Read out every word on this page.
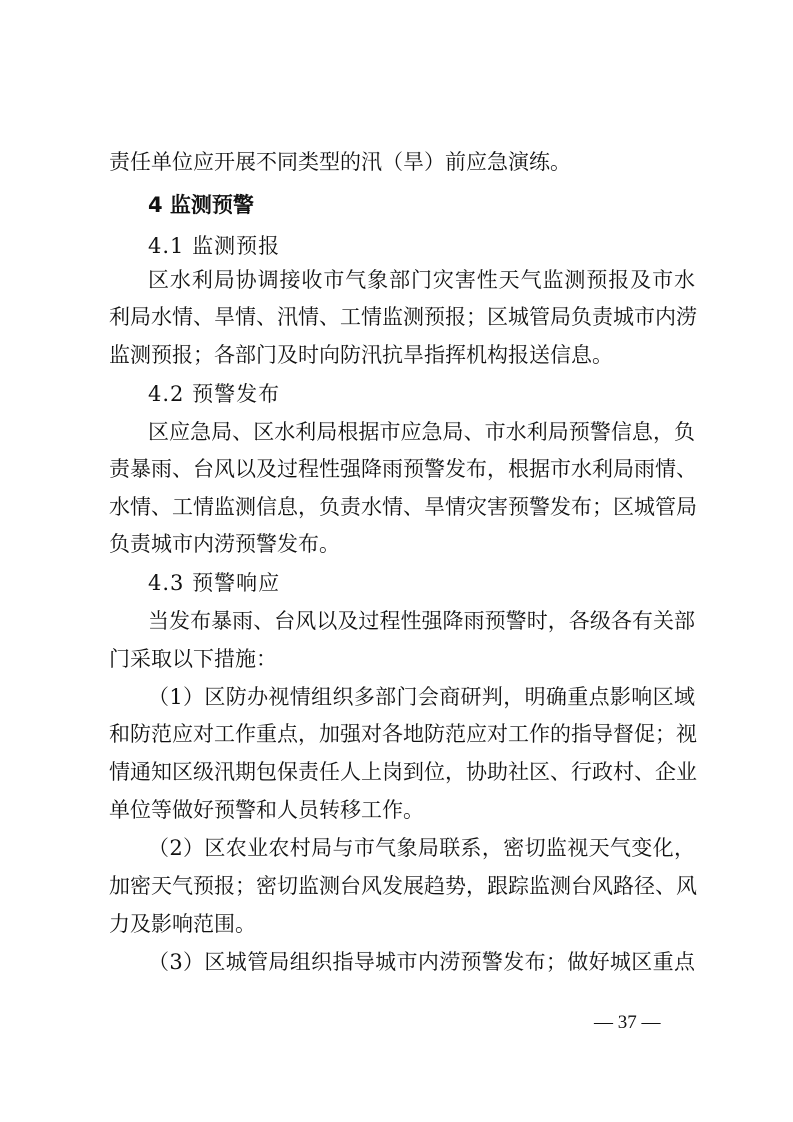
责任单位应开展不同类型的汛（旱）前应急演练。
4 监测预警
4.1 监测预报
区水利局协调接收市气象部门灾害性天气监测预报及市水
利局水情、旱情、汛情、工情监测预报；区城管局负责城市内涝
监测预报；各部门及时向防汛抗旱指挥机构报送信息。
4.2 预警发布
区应急局、区水利局根据市应急局、市水利局预警信息，负
责暴雨、台风以及过程性强降雨预警发布，根据市水利局雨情、
水情、工情监测信息，负责水情、旱情灾害预警发布；区城管局
负责城市内涝预警发布。
4.3 预警响应
当发布暴雨、台风以及过程性强降雨预警时，各级各有关部
门采取以下措施：
（1）区防办视情组织多部门会商研判，明确重点影响区域
和防范应对工作重点，加强对各地防范应对工作的指导督促；视
情通知区级汛期包保责任人上岗到位，协助社区、行政村、企业
单位等做好预警和人员转移工作。
（2）区农业农村局与市气象局联系，密切监视天气变化，
加密天气预报；密切监测台风发展趋势，跟踪监测台风路径、风
力及影响范围。
（3）区城管局组织指导城市内涝预警发布；做好城区重点
— 37 —
